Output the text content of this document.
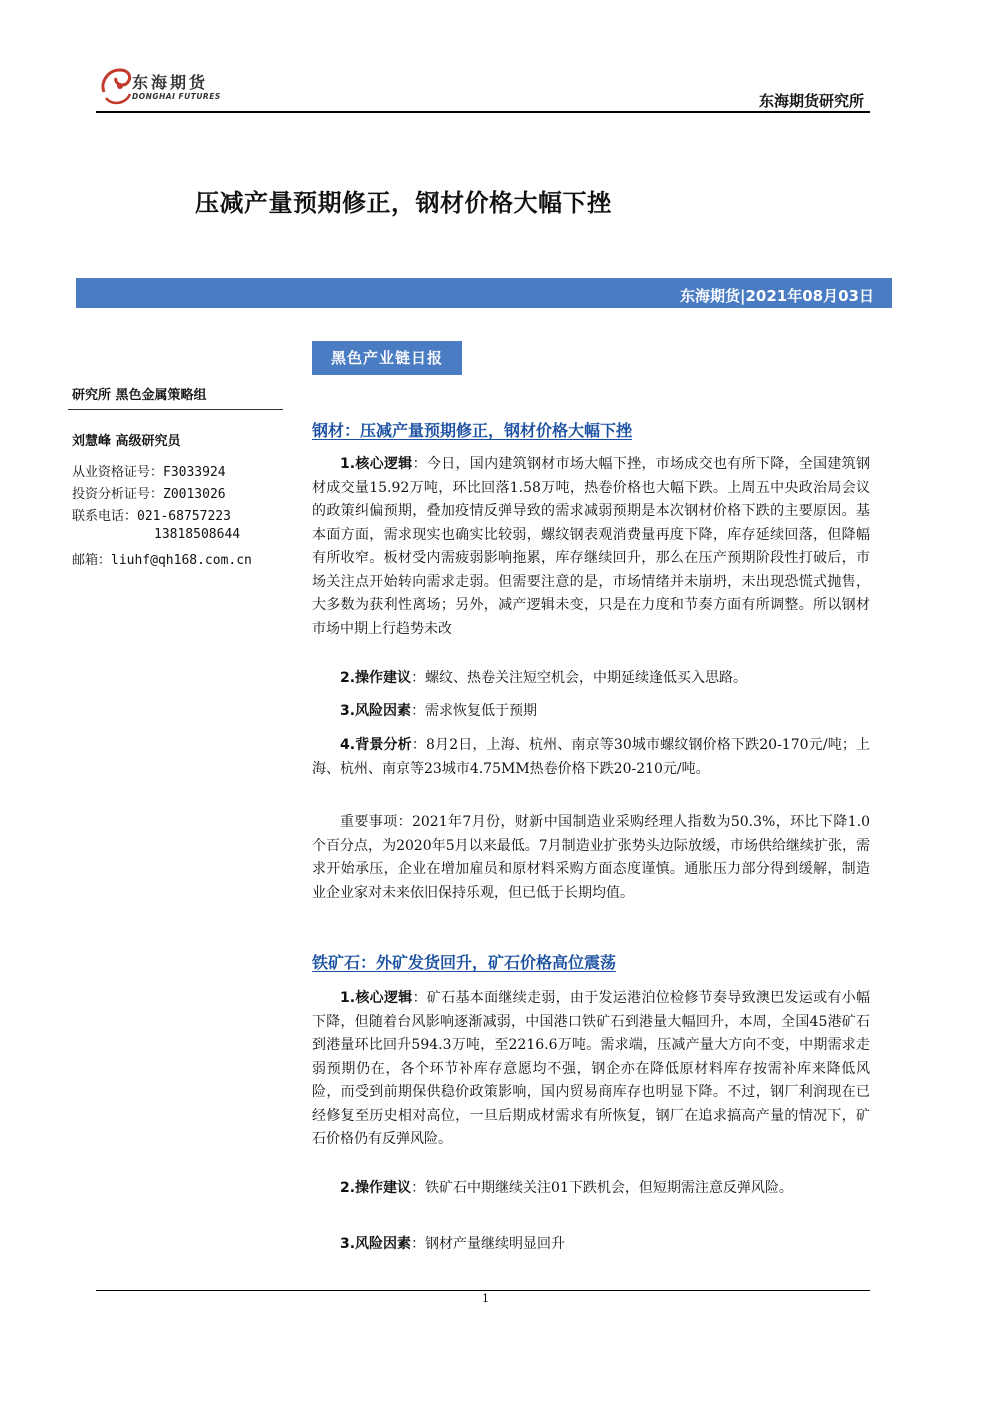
东海期货
DONGHAI FUTURES	东海期货研究所
压减产量预期修正，钢材价格大幅下挫
东海期货|2021年08月03日
黑色产业链日报
研究所 黑色金属策略组
刘慧峰 高级研究员
从业资格证号：F3033924
投资分析证号：Z0013026
联系电话：021-68757223
13818508644
邮箱：liuhf@qh168.com.cn
钢材：压减产量预期修正，钢材价格大幅下挫

1.核心逻辑：今日，国内建筑钢材市场大幅下挫，市场成交也有所下降，全国建筑钢材成交量15.92万吨，环比回落1.58万吨，热卷价格也大幅下跌。上周五中央政治局会议的政策纠偏预期，叠加疫情反弹导致的需求减弱预期是本次钢材价格下跌的主要原因。基本面方面，需求现实也确实比较弱，螺纹钢表观消费量再度下降，库存延续回落，但降幅有所收窄。板材受内需疲弱影响拖累，库存继续回升，那么在压产预期阶段性打破后，市场关注点开始转向需求走弱。但需要注意的是，市场情绪并未崩坍，未出现恐慌式抛售，大多数为获利性离场；另外，减产逻辑未变，只是在力度和节奏方面有所调整。所以钢材市场中期上行趋势未改

2.操作建议：螺纹、热卷关注短空机会，中期延续逢低买入思路。

3.风险因素：需求恢复低于预期

4.背景分析：8月2日，上海、杭州、南京等30城市螺纹钢价格下跌20-170元/吨；上海、杭州、南京等23城市4.75MM热卷价格下跌20-210元/吨。

重要事项：2021年7月份，财新中国制造业采购经理人指数为50.3%，环比下降1.0个百分点，为2020年5月以来最低。7月制造业扩张势头边际放缓，市场供给继续扩张，需求开始承压，企业在增加雇员和原材料采购方面态度谨慎。通胀压力部分得到缓解，制造业企业家对未来依旧保持乐观，但已低于长期均值。

铁矿石：外矿发货回升，矿石价格高位震荡

1.核心逻辑：矿石基本面继续走弱，由于发运港泊位检修节奏导致澳巴发运或有小幅下降，但随着台风影响逐渐减弱，中国港口铁矿石到港量大幅回升，本周，全国45港矿石到港量环比回升594.3万吨，至2216.6万吨。需求端，压减产量大方向不变，中期需求走弱预期仍在，各个环节补库存意愿均不强，钢企亦在降低原材料库存按需补库来降低风险，而受到前期保供稳价政策影响，国内贸易商库存也明显下降。不过，钢厂利润现在已经修复至历史相对高位，一旦后期成材需求有所恢复，钢厂在追求搞高产量的情况下，矿石价格仍有反弹风险。

2.操作建议：铁矿石中期继续关注01下跌机会，但短期需注意反弹风险。

3.风险因素：钢材产量继续明显回升

1
